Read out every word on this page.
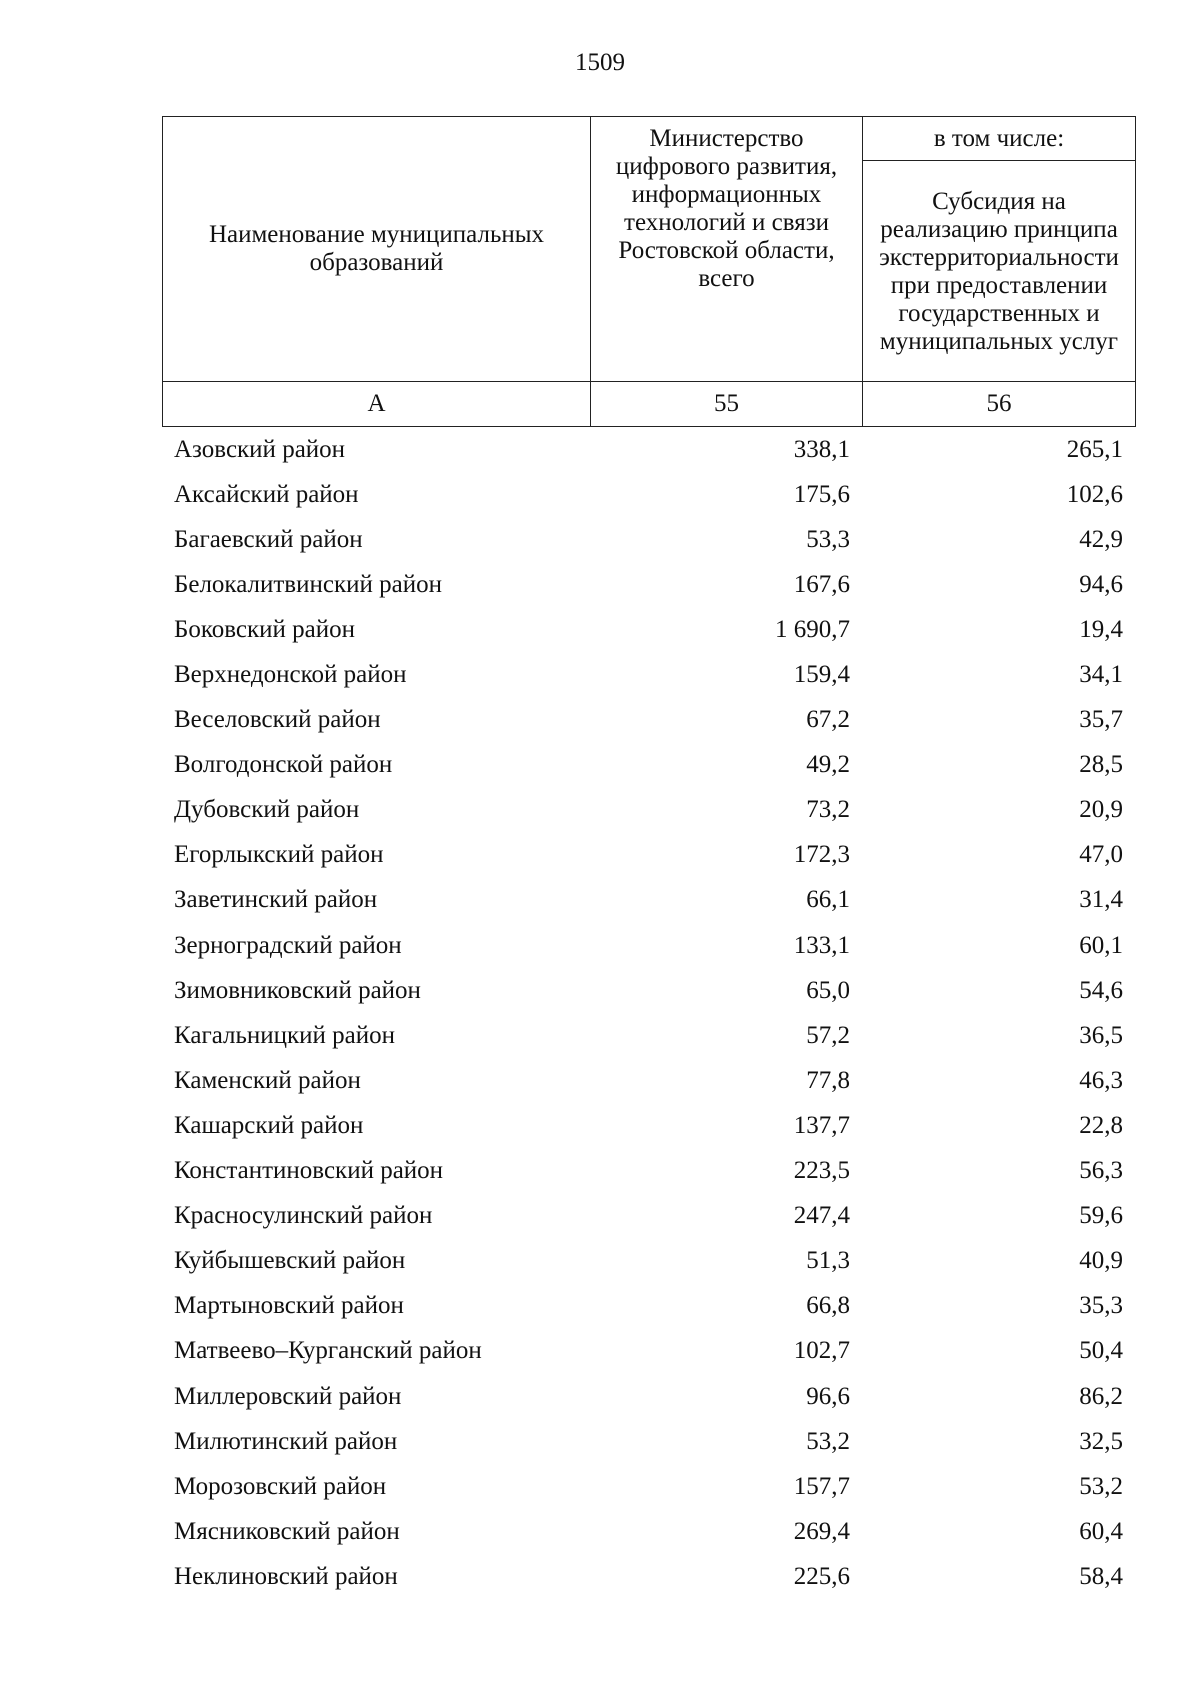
1509
Наименование муниципальных образований	Министерство цифрового развития, информационных технологий и связи Ростовской области, всего	в том числе:
		Субсидия на реализацию принципа экстерриториальности при предоставлении государственных и муниципальных услуг
А	55	56
Азовский район	338,1	265,1
Аксайский район	175,6	102,6
Багаевский район	53,3	42,9
Белокалитвинский район	167,6	94,6
Боковский район	1 690,7	19,4
Верхнедонской район	159,4	34,1
Веселовский район	67,2	35,7
Волгодонской район	49,2	28,5
Дубовский район	73,2	20,9
Егорлыкский район	172,3	47,0
Заветинский район	66,1	31,4
Зерноградский район	133,1	60,1
Зимовниковский район	65,0	54,6
Кагальницкий район	57,2	36,5
Каменский район	77,8	46,3
Кашарский район	137,7	22,8
Константиновский район	223,5	56,3
Красносулинский район	247,4	59,6
Куйбышевский район	51,3	40,9
Мартыновский район	66,8	35,3
Матвеево–Курганский район	102,7	50,4
Миллеровский район	96,6	86,2
Милютинский район	53,2	32,5
Морозовский район	157,7	53,2
Мясниковский район	269,4	60,4
Неклиновский район	225,6	58,4
